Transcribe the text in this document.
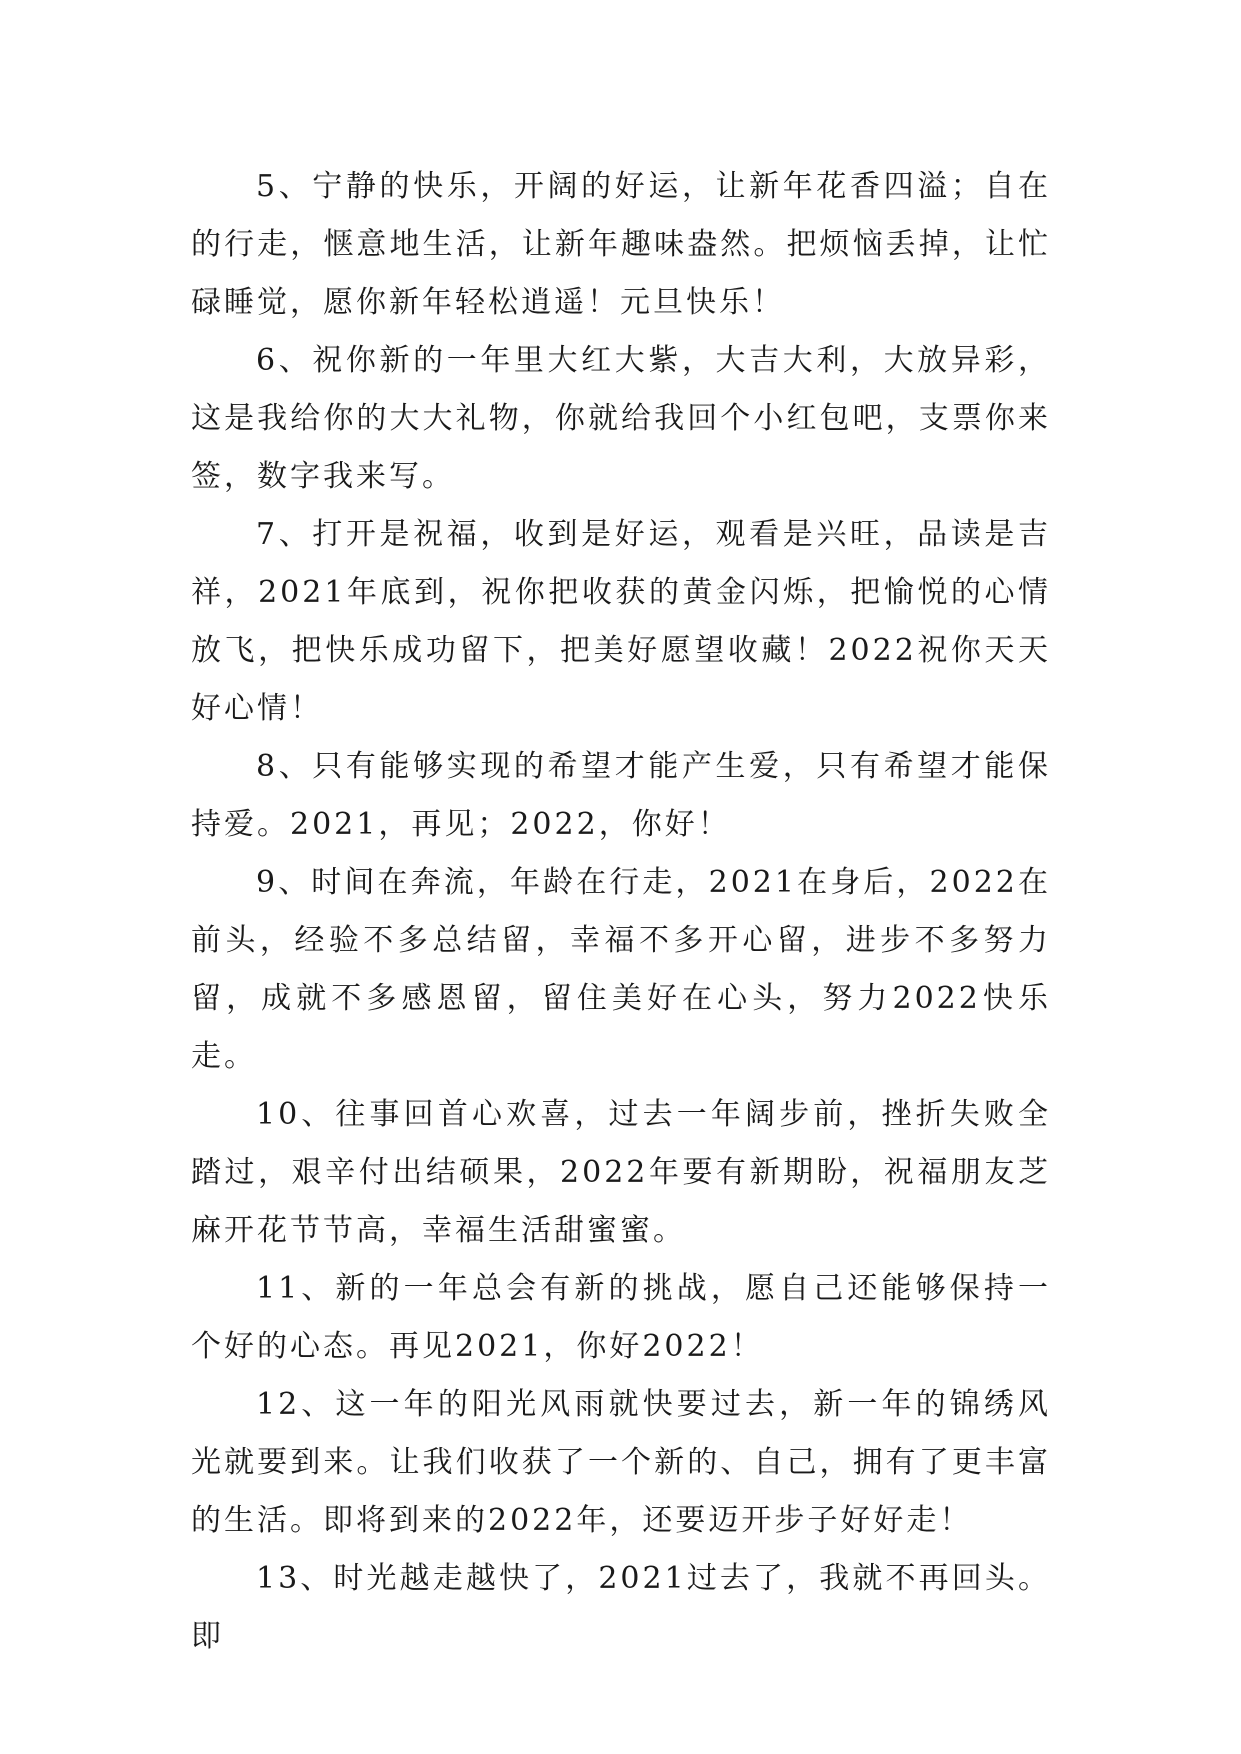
5、宁静的快乐，开阔的好运，让新年花香四溢；自在的行走，惬意地生活，让新年趣味盎然。把烦恼丢掉，让忙碌睡觉，愿你新年轻松逍遥！元旦快乐！

6、祝你新的一年里大红大紫，大吉大利，大放异彩，这是我给你的大大礼物，你就给我回个小红包吧，支票你来签，数字我来写。

7、打开是祝福，收到是好运，观看是兴旺，品读是吉祥，2021年底到，祝你把收获的黄金闪烁，把愉悦的心情放飞，把快乐成功留下，把美好愿望收藏！2022祝你天天好心情！

8、只有能够实现的希望才能产生爱，只有希望才能保持爱。2021，再见；2022，你好！

9、时间在奔流，年龄在行走，2021在身后，2022在前头，经验不多总结留，幸福不多开心留，进步不多努力留，成就不多感恩留，留住美好在心头，努力2022快乐走。

10、往事回首心欢喜，过去一年阔步前，挫折失败全踏过，艰辛付出结硕果，2022年要有新期盼，祝福朋友芝麻开花节节高，幸福生活甜蜜蜜。

11、新的一年总会有新的挑战，愿自己还能够保持一个好的心态。再见2021，你好2022！

12、这一年的阳光风雨就快要过去，新一年的锦绣风光就要到来。让我们收获了一个新的、自己，拥有了更丰富的生活。即将到来的2022年，还要迈开步子好好走！

13、时光越走越快了，2021过去了，我就不再回头。即
